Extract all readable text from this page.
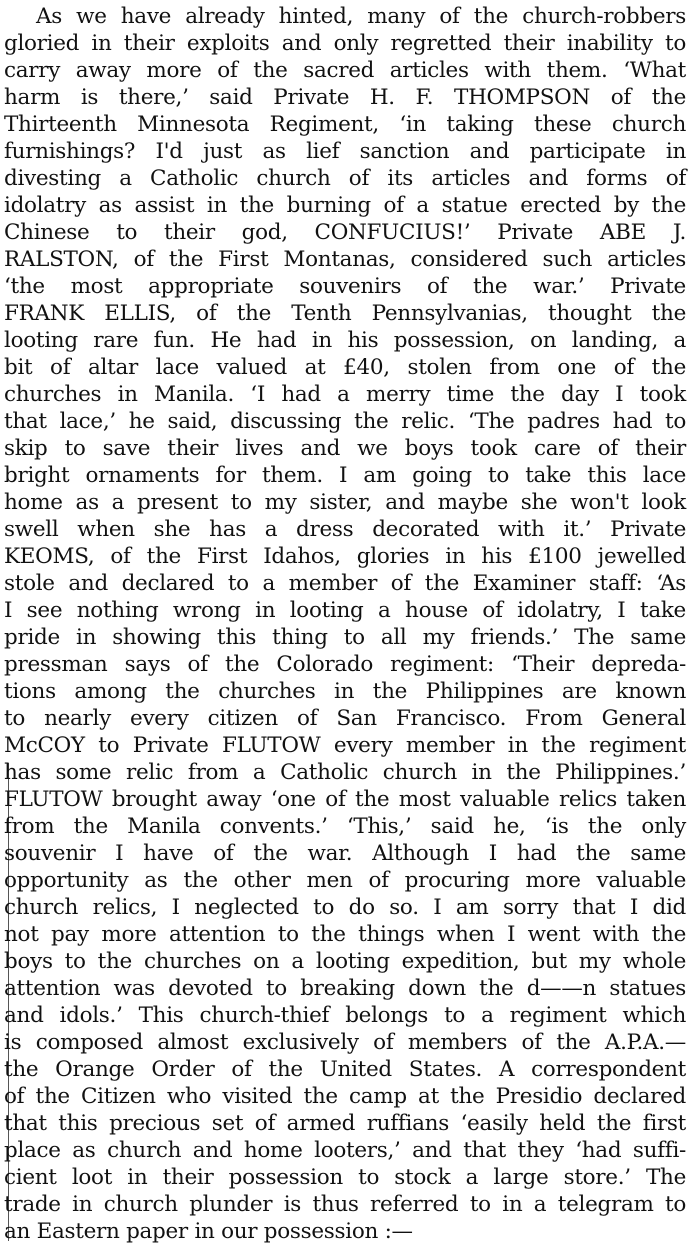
As we have already hinted, many of the church-robbers
gloried in their exploits and only regretted their inability to
carry away more of the sacred articles with them. ‘What
harm is there,’ said Private H. F. THOMPSON of the
Thirteenth Minnesota Regiment, ‘in taking these church
furnishings? I'd just as lief sanction and participate in
divesting a Catholic church of its articles and forms of
idolatry as assist in the burning of a statue erected by the
Chinese to their god, CONFUCIUS!’ Private ABE J.
RALSTON, of the First Montanas, considered such articles
‘the most appropriate souvenirs of the war.’ Private
FRANK ELLIS, of the Tenth Pennsylvanias, thought the
looting rare fun. He had in his possession, on landing, a
bit of altar lace valued at £40, stolen from one of the
churches in Manila. ‘I had a merry time the day I took
that lace,’ he said, discussing the relic. ‘The padres had to
skip to save their lives and we boys took care of their
bright ornaments for them. I am going to take this lace
home as a present to my sister, and maybe she won't look
swell when she has a dress decorated with it.’ Private
KEOMS, of the First Idahos, glories in his £100 jewelled
stole and declared to a member of the Examiner staff: ‘As
I see nothing wrong in looting a house of idolatry, I take
pride in showing this thing to all my friends.’ The same
pressman says of the Colorado regiment: ‘Their depreda-
tions among the churches in the Philippines are known
to nearly every citizen of San Francisco. From General
McCOY to Private FLUTOW every member in the regiment
has some relic from a Catholic church in the Philippines.’
FLUTOW brought away ‘one of the most valuable relics taken
from the Manila convents.’ ‘This,’ said he, ‘is the only
souvenir I have of the war. Although I had the same
opportunity as the other men of procuring more valuable
church relics, I neglected to do so. I am sorry that I did
not pay more attention to the things when I went with the
boys to the churches on a looting expedition, but my whole
attention was devoted to breaking down the d——n statues
and idols.’ This church-thief belongs to a regiment which
is composed almost exclusively of members of the A.P.A.—
the Orange Order of the United States. A correspondent
of the Citizen who visited the camp at the Presidio declared
that this precious set of armed ruffians ‘easily held the first
place as church and home looters,’ and that they ‘had suffi-
cient loot in their possession to stock a large store.’ The
trade in church plunder is thus referred to in a telegram to
an Eastern paper in our possession :—
